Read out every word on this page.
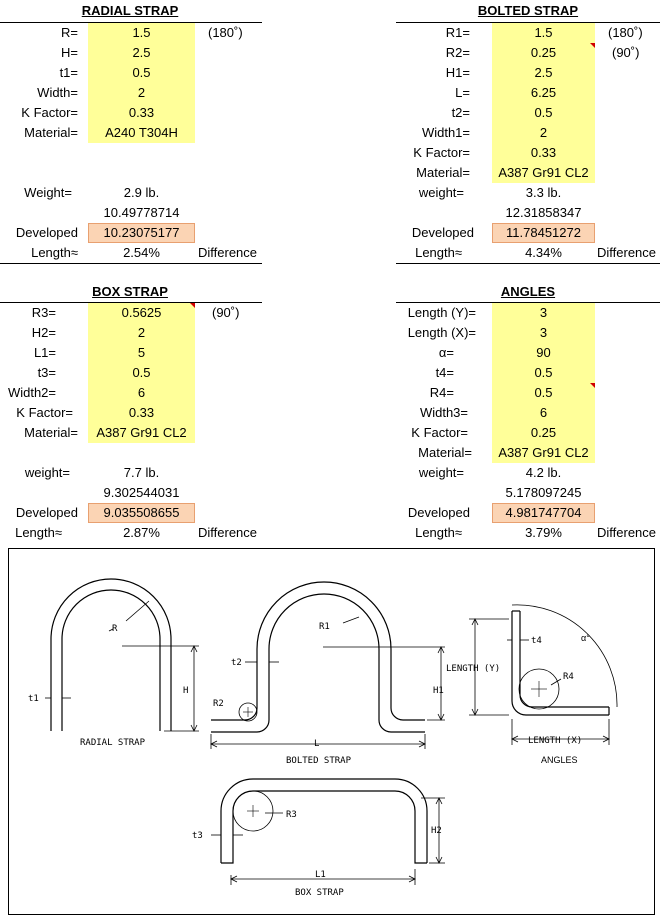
RADIAL STRAP
R=	1.5	(180˚)
H=	2.5
t1=	0.5
Width=	2
K Factor=	0.33
Material=	A240 T304H
Weight=	2.9 lb.
10.49778714
Developed	10.23075177
Length≈	2.54%	Difference
BOLTED STRAP
R1=	1.5	(180˚)
R2=	0.25	(90˚)
H1=	2.5
L=	6.25
t2=	0.5
Width1=	2
K Factor=	0.33
Material=	A387 Gr91 CL2
weight=	3.3 lb.
12.31858347
Developed	11.78451272
Length≈	4.34%	Difference
BOX STRAP
R3=	0.5625	(90˚)
H2=	2
L1=	5
t3=	0.5
Width2=	6
K Factor=	0.33
Material=	A387 Gr91 CL2
weight=	7.7 lb.
9.302544031
Developed	9.035508655
Length≈	2.87%	Difference
ANGLES
Length (Y)=	3
Length (X)=	3
α=	90
t4=	0.5
R4=	0.5
Width3=	6
K Factor=	0.25
Material=	A387 Gr91 CL2
weight=	4.2 lb.
5.178097245
Developed	4.981747704
Length≈	3.79%	Difference
R
H
t1
RADIAL STRAP
R1
R2
t2
H1
L
BOLTED STRAP
LENGTH (Y)
LENGTH (X)
t4
R4
α°
ANGLES
R3
t3	H2
L1
BOX STRAP
